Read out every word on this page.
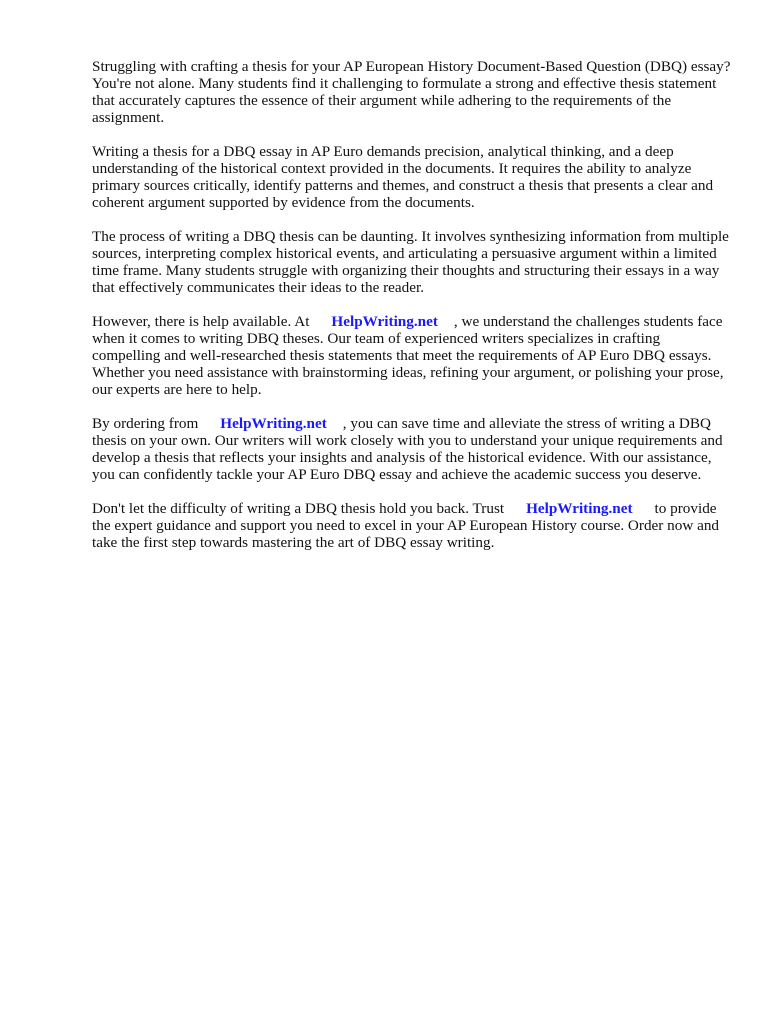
Struggling with crafting a thesis for your AP European History Document-Based Question (DBQ) essay? You're not alone. Many students find it challenging to formulate a strong and effective thesis statement that accurately captures the essence of their argument while adhering to the requirements of the assignment.

Writing a thesis for a DBQ essay in AP Euro demands precision, analytical thinking, and a deep understanding of the historical context provided in the documents. It requires the ability to analyze primary sources critically, identify patterns and themes, and construct a thesis that presents a clear and coherent argument supported by evidence from the documents.

The process of writing a DBQ thesis can be daunting. It involves synthesizing information from multiple sources, interpreting complex historical events, and articulating a persuasive argument within a limited time frame. Many students struggle with organizing their thoughts and structuring their essays in a way that effectively communicates their ideas to the reader.

However, there is help available. At HelpWriting.net , we understand the challenges students face when it comes to writing DBQ theses. Our team of experienced writers specializes in crafting compelling and well-researched thesis statements that meet the requirements of AP Euro DBQ essays. Whether you need assistance with brainstorming ideas, refining your argument, or polishing your prose, our experts are here to help.

By ordering from HelpWriting.net , you can save time and alleviate the stress of writing a DBQ thesis on your own. Our writers will work closely with you to understand your unique requirements and develop a thesis that reflects your insights and analysis of the historical evidence. With our assistance, you can confidently tackle your AP Euro DBQ essay and achieve the academic success you deserve.

Don't let the difficulty of writing a DBQ thesis hold you back. Trust HelpWriting.net to provide the expert guidance and support you need to excel in your AP European History course. Order now and take the first step towards mastering the art of DBQ essay writing.
